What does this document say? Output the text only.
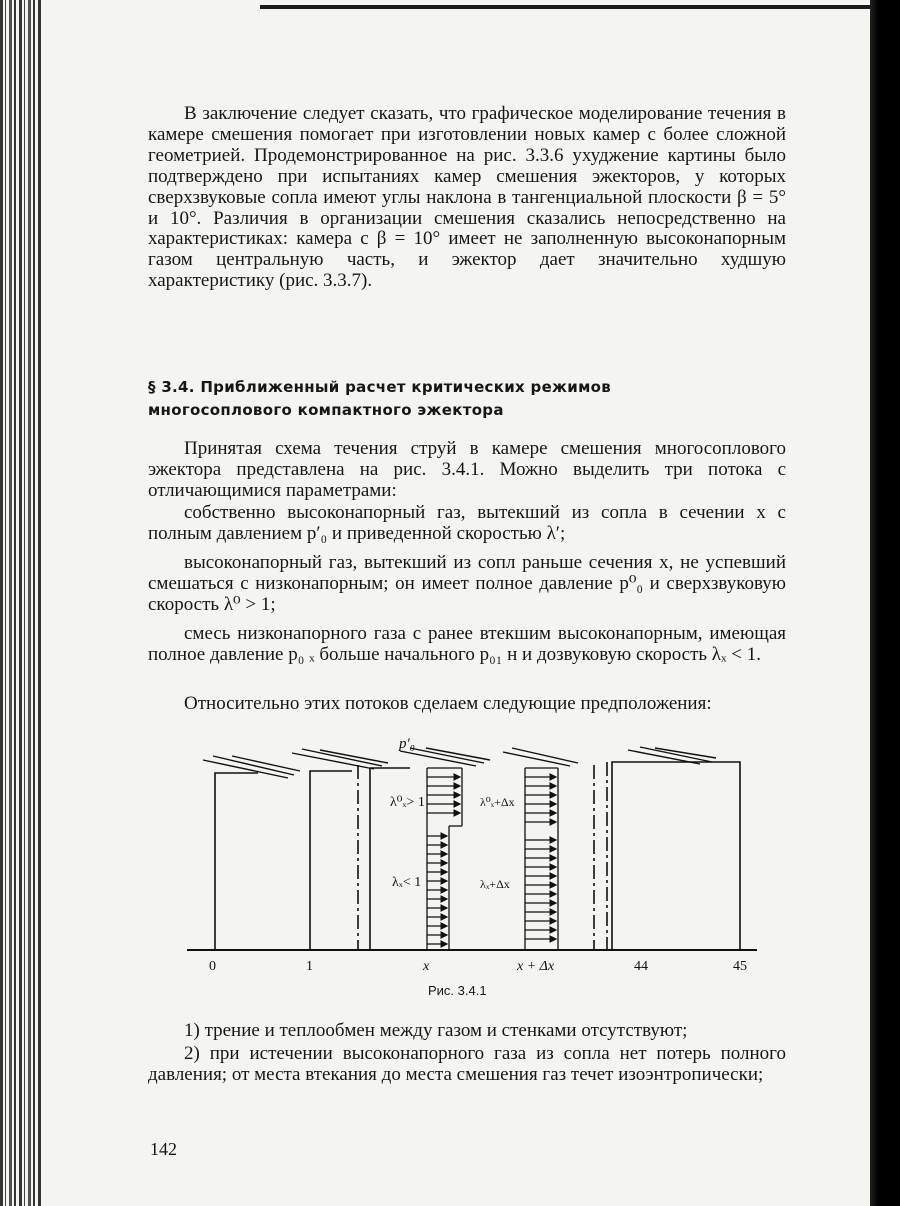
В заключение следует сказать, что графическое моделирование течения в камере смешения помогает при изготовлении новых камер с более сложной геометрией. Продемонстрированное на рис. 3.3.6 ухуджение картины было подтверждено при испытаниях камер смешения эжекторов, у которых сверхзвуковые сопла имеют углы наклона в тангенциальной плоскости β = 5° и 10°. Различия в организации смешения сказались непосредственно на характеристиках: камера с β = 10° имеет не заполненную высоконапорным газом центральную часть, и эжектор дает значительно худшую характеристику (рис. 3.3.7).

§ 3.4. Приближенный расчет критических режимов
многосоплового компактного эжектора

Принятая схема течения струй в камере смешения многосоплового эжектора представлена на рис. 3.4.1. Можно выделить три потока с отличающимися параметрами:

собственно высоконапорный газ, вытекший из сопла в сечении x с полным давлением p′₀ и приведенной скоростью λ′;

высоконапорный газ, вытекший из сопл раньше сечения x, не успевший смешаться с низконапорным; он имеет полное давление p⁰₀ и сверхзвуковую скорость λ⁰ > 1;

смесь низконапорного газа с ранее втекшим высоконапорным, имеющая полное давление p₀ ₓ больше начального p₀₁ н и дозвуковую скорость λₓ < 1.

Относительно этих потоков сделаем следующие предположения:

p′₀
λ⁰ₓ> 1	λ⁰ₓ+Δx
λₓ< 1	λₓ+Δx
0	1	x	x + Δx	44	45
Рис. 3.4.1
1) трение и теплообмен между газом и стенками отсутствуют;
2) при истечении высоконапорного газа из сопла нет потерь полного давления; от места втекания до места смешения газ течет изоэнтропически;
142
